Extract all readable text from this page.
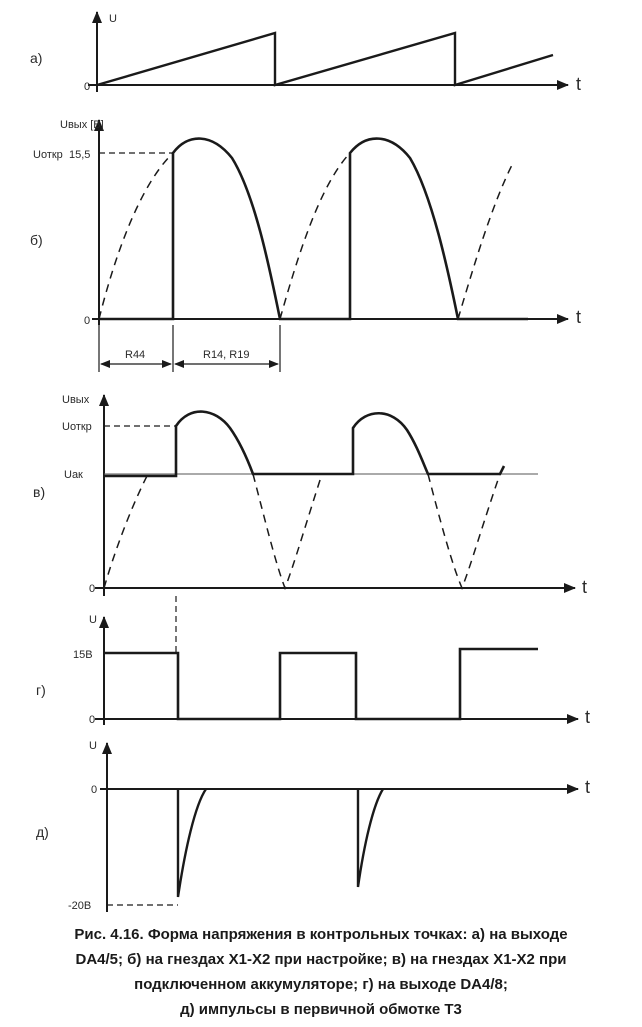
а)
U
t
0
R44	R14, R19
б)
Uвых [В]
Uоткр 15,5
t
0
в)
Uвых
Uоткр
Uак
t
0
г)
U
15В
t
0
д)
U
-20В
t
0
Рис. 4.16. Форма напряжения в контрольных точках: а) на выходе
DA4/5; б) на гнездах Х1-Х2 при настройке; в) на гнездах Х1-Х2 при
подключенном аккумуляторе; г) на выходе DA4/8;
д) импульсы в первичной обмотке Т3
